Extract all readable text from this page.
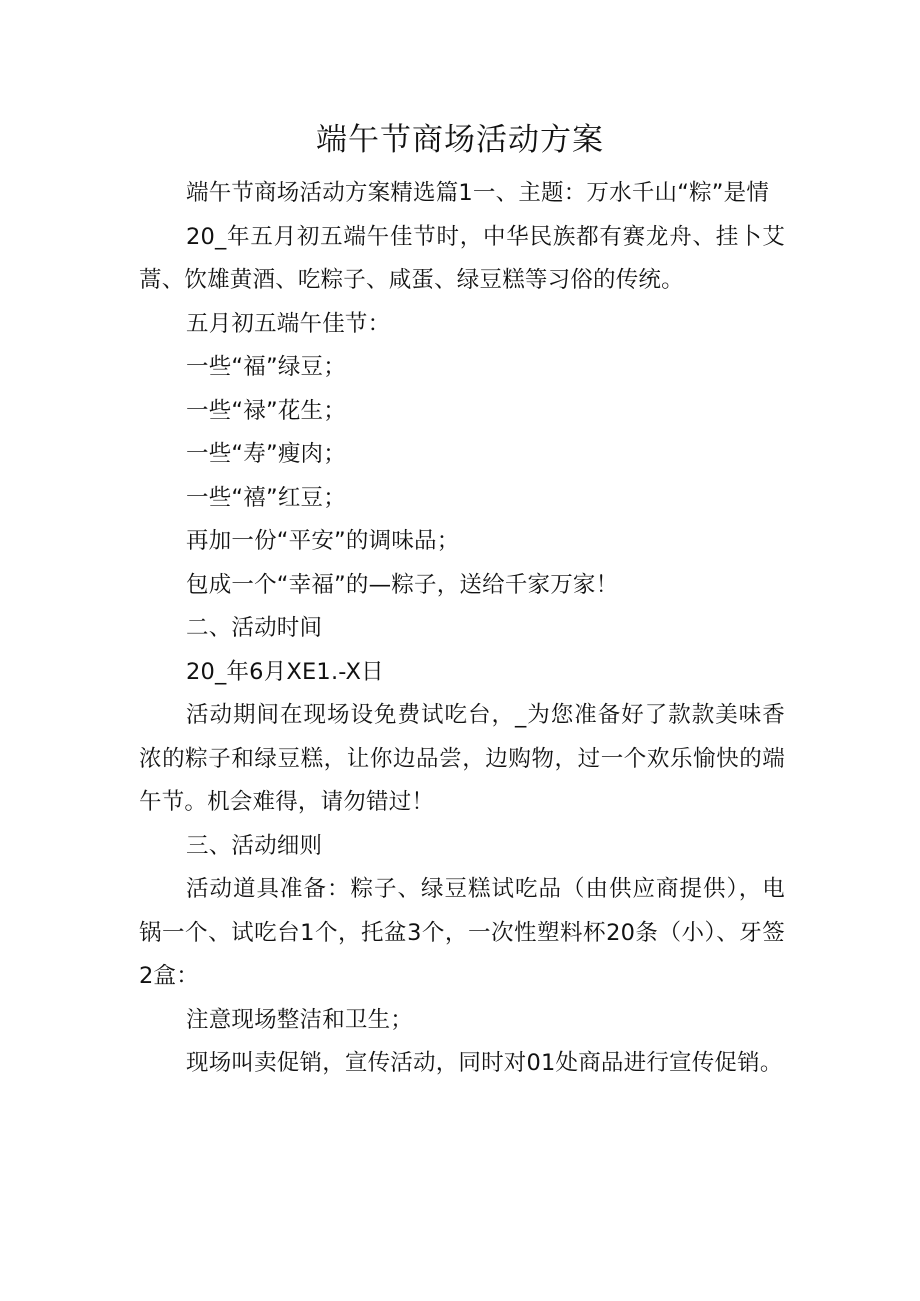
端午节商场活动方案

端午节商场活动方案精选篇1一、主题：万水千山“粽”是情

20_年五月初五端午佳节时，中华民族都有赛龙舟、挂卜艾蒿、饮雄黄酒、吃粽子、咸蛋、绿豆糕等习俗的传统。

五月初五端午佳节：

一些“福”绿豆；

一些“禄”花生；

一些“寿”瘦肉；

一些“禧”红豆；

再加一份“平安”的调味品；

包成一个“幸福”的—粽子，送给千家万家！

二、活动时间

20_年6月XE1.-X日

活动期间在现场设免费试吃台，_为您准备好了款款美味香浓的粽子和绿豆糕，让你边品尝，边购物，过一个欢乐愉快的端午节。机会难得，请勿错过！

三、活动细则

活动道具准备：粽子、绿豆糕试吃品（由供应商提供），电锅一个、试吃台1个，托盆3个，一次性塑料杯20条（小）、牙签2盒：

注意现场整洁和卫生；

现场叫卖促销，宣传活动，同时对01处商品进行宣传促销。
